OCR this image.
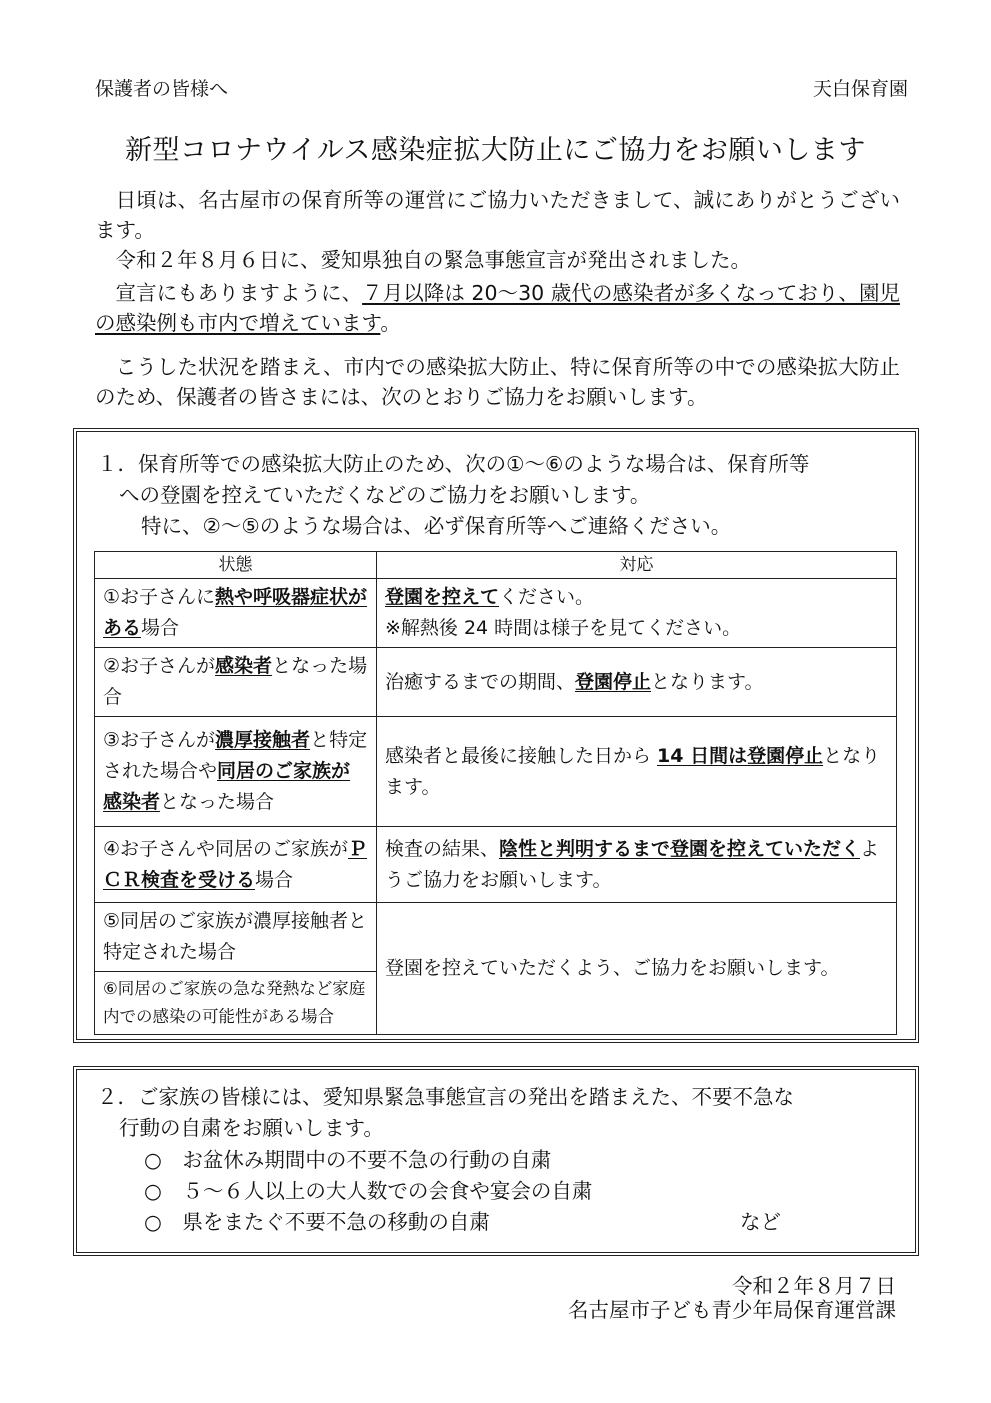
保護者の皆様へ	天白保育園
新型コロナウイルス感染症拡大防止にご協力をお願いします
　日頃は、名古屋市の保育所等の運営にご協力いただきまして、誠にありがとうございます。
　令和２年８月６日に、愛知県独自の緊急事態宣言が発出されました。
　宣言にもありますように、７月以降は 20～30 歳代の感染者が多くなっており、園児の感染例も市内で増えています。
　こうした状況を踏まえ、市内での感染拡大防止、特に保育所等の中での感染拡大防止のため、保護者の皆さまには、次のとおりご協力をお願いします。
１．保育所等での感染拡大防止のため、次の①～⑥のような場合は、保育所等
への登園を控えていただくなどのご協力をお願いします。
特に、②～⑤のような場合は、必ず保育所等へご連絡ください。
状態	対応
①お子さんに熱や呼吸器症状がある場合	登園を控えてください。
※解熱後 24 時間は様子を見てください。
②お子さんが感染者となった場合	治癒するまでの期間、登園停止となります。
③お子さんが濃厚接触者と特定された場合や同居のご家族が感染者となった場合	感染者と最後に接触した日から 14 日間は登園停止となります。
④お子さんや同居のご家族がＰＣＲ検査を受ける場合	検査の結果、陰性と判明するまで登園を控えていただくようご協力をお願いします。
⑤同居のご家族が濃厚接触者と特定された場合	登園を控えていただくよう、ご協力をお願いします。
⑥同居のご家族の急な発熱など家庭内での感染の可能性がある場合	
２．ご家族の皆様には、愛知県緊急事態宣言の発出を踏まえた、不要不急な
行動の自粛をお願いします。
○　お盆休み期間中の不要不急の行動の自粛
○　５～６人以上の大人数での会食や宴会の自粛
○　県をまたぐ不要不急の移動の自粛	など
令和２年８月７日
名古屋市子ども青少年局保育運営課
